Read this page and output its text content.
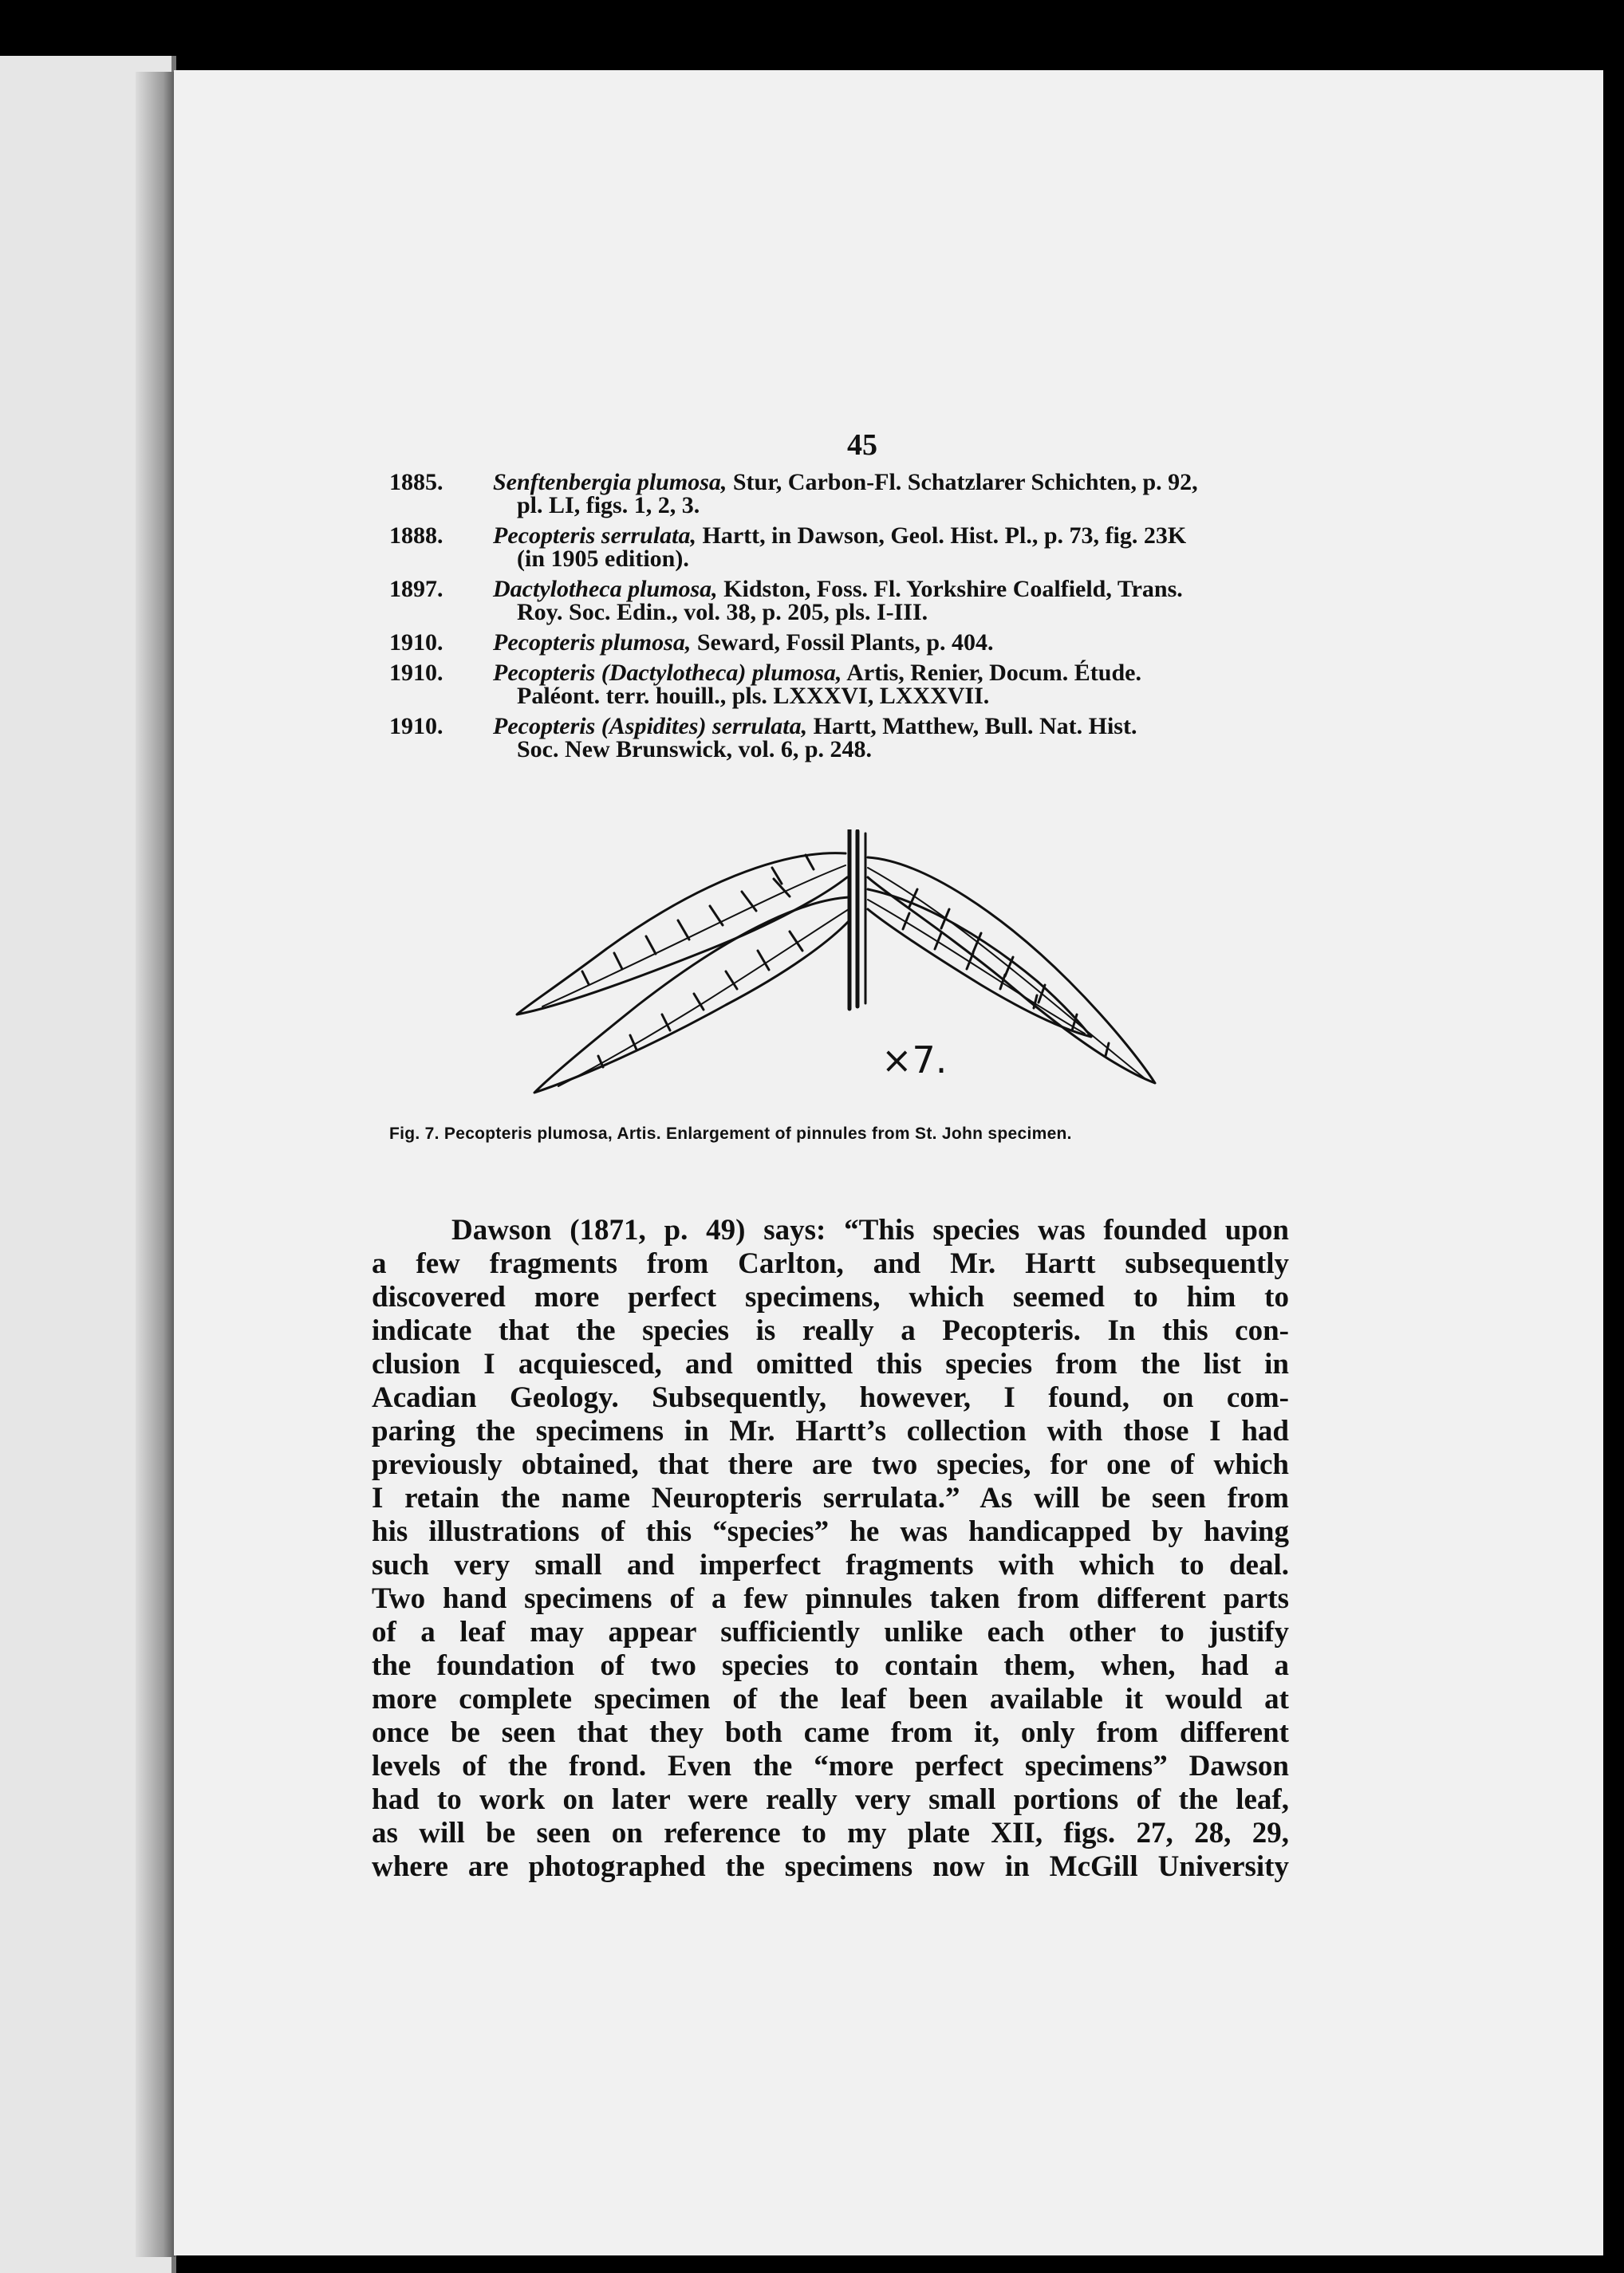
45
1885. Senftenbergia plumosa, Stur, Carbon-Fl. Schatzlarer Schichten, p. 92,
pl. LI, figs. 1, 2, 3.
1888. Pecopteris serrulata, Hartt, in Dawson, Geol. Hist. Pl., p. 73, fig. 23K
(in 1905 edition).
1897. Dactylotheca plumosa, Kidston, Foss. Fl. Yorkshire Coalfield, Trans.
Roy. Soc. Edin., vol. 38, p. 205, pls. I-III.
1910. Pecopteris plumosa, Seward, Fossil Plants, p. 404.
1910. Pecopteris (Dactylotheca) plumosa, Artis, Renier, Docum. Étude.
Paléont. terr. houill., pls. LXXXVI, LXXXVII.
1910. Pecopteris (Aspidites) serrulata, Hartt, Matthew, Bull. Nat. Hist.
Soc. New Brunswick, vol. 6, p. 248.
×7.
Fig. 7. Pecopteris plumosa, Artis. Enlargement of pinnules from St. John specimen.
Dawson (1871, p. 49) says: “This species was founded upon
a few fragments from Carlton, and Mr. Hartt subsequently
discovered more perfect specimens, which seemed to him to
indicate that the species is really a Pecopteris. In this con-
clusion I acquiesced, and omitted this species from the list in
Acadian Geology. Subsequently, however, I found, on com-
paring the specimens in Mr. Hartt’s collection with those I had
previously obtained, that there are two species, for one of which
I retain the name Neuropteris serrulata.” As will be seen from
his illustrations of this “species” he was handicapped by having
such very small and imperfect fragments with which to deal.
Two hand specimens of a few pinnules taken from different parts
of a leaf may appear sufficiently unlike each other to justify
the foundation of two species to contain them, when, had a
more complete specimen of the leaf been available it would at
once be seen that they both came from it, only from different
levels of the frond. Even the “more perfect specimens” Dawson
had to work on later were really very small portions of the leaf,
as will be seen on reference to my plate XII, figs. 27, 28, 29,
where are photographed the specimens now in McGill University
